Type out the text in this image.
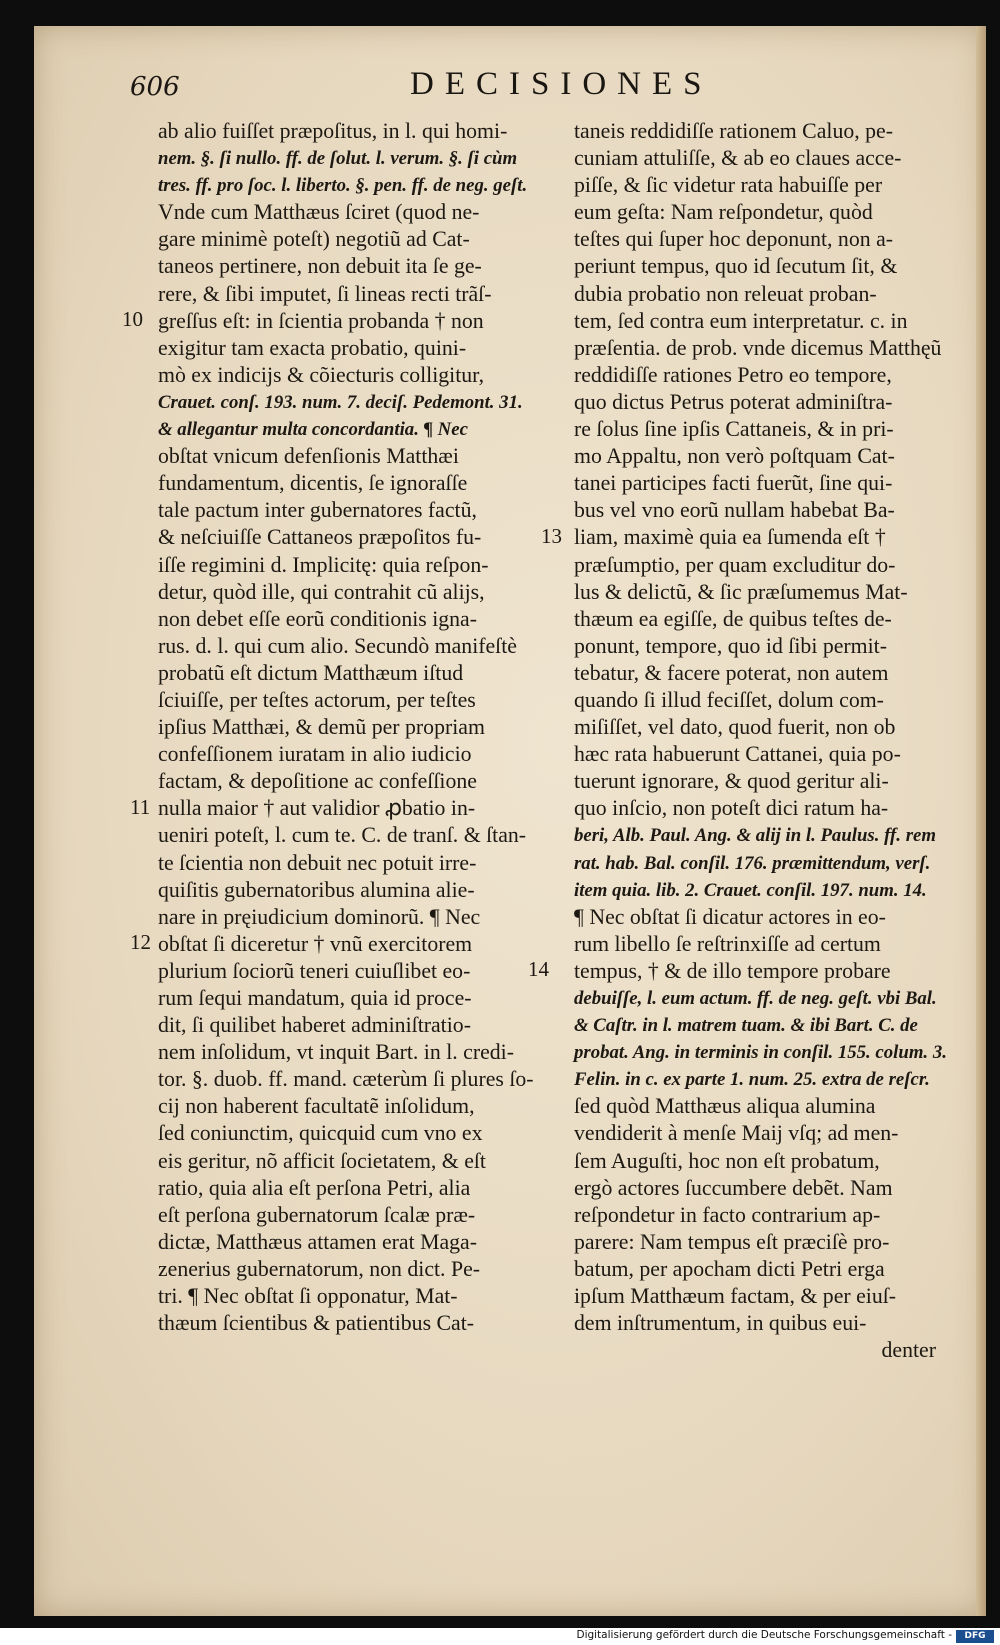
606	DECISIONES
ab alio fuiſſet præpoſitus, in l. qui homi-
nem. §. ſi nullo. ff. de ſolut. l. verum. §. ſi cùm
tres. ff. pro ſoc. l. liberto. §. pen. ff. de neg. geſt.
Vnde cum Matthæus ſciret (quod ne-
gare minimè poteſt) negotiũ ad Cat-
taneos pertinere, non debuit ita ſe ge-
rere, & ſibi imputet, ſi lineas recti trãſ-
greſſus eſt: in ſcientia probanda † non
exigitur tam exacta probatio, quini-
mò ex indicijs & cõiecturis colligitur,
Crauet. conſ. 193. num. 7. deciſ. Pedemont. 31.
& allegantur multa concordantia. ¶ Nec
obſtat vnicum defenſionis Matthæi
fundamentum, dicentis, ſe ignoraſſe
tale pactum inter gubernatores factũ,
& neſciuiſſe Cattaneos præpoſitos fu-
iſſe regimini d. Implicitę: quia reſpon-
detur, quòd ille, qui contrahit cũ alijs,
non debet eſſe eorũ conditionis igna-
rus. d. l. qui cum alio. Secundò manifeſtè
probatũ eſt dictum Matthæum iſtud
ſciuiſſe, per teſtes actorum, per teſtes
ipſius Matthæi, & demũ per propriam
confeſſionem iuratam in alio iudicio
factam, & depoſitione ac confeſſione
nulla maior † aut validior ꝓbatio in-
ueniri poteſt, l. cum te. C. de tranſ. & ſtan-
te ſcientia non debuit nec potuit irre-
quiſitis gubernatoribus alumina alie-
nare in pręiudicium dominorũ. ¶ Nec
obſtat ſi diceretur † vnũ exercitorem
plurium ſociorũ teneri cuiuſlibet eo-
rum ſequi mandatum, quia id proce-
dit, ſi quilibet haberet adminiſtratio-
nem inſolidum, vt inquit Bart. in l. credi-
tor. §. duob. ff. mand. cæterùm ſi plures ſo-
cij non haberent facultatẽ inſolidum,
ſed coniunctim, quicquid cum vno ex
eis geritur, nõ afficit ſocietatem, & eſt
ratio, quia alia eſt perſona Petri, alia
eſt perſona gubernatorum ſcalæ præ-
dictæ, Matthæus attamen erat Maga-
zenerius gubernatorum, non dict. Pe-
tri. ¶ Nec obſtat ſi opponatur, Mat-
thæum ſcientibus & patientibus Cat-
taneis reddidiſſe rationem Caluo, pe-
cuniam attuliſſe, & ab eo claues acce-
piſſe, & ſic videtur rata habuiſſe per
eum geſta: Nam reſpondetur, quòd
teſtes qui ſuper hoc deponunt, non a-
periunt tempus, quo id ſecutum ſit, &
dubia probatio non releuat proban-
tem, ſed contra eum interpretatur. c. in
præſentia. de prob. vnde dicemus Matthęũ
reddidiſſe rationes Petro eo tempore,
quo dictus Petrus poterat adminiſtra-
re ſolus ſine ipſis Cattaneis, & in pri-
mo Appaltu, non verò poſtquam Cat-
tanei participes facti fuerũt, ſine qui-
bus vel vno eorũ nullam habebat Ba-
liam, maximè quia ea ſumenda eſt †
præſumptio, per quam excluditur do-
lus & delictũ, & ſic præſumemus Mat-
thæum ea egiſſe, de quibus teſtes de-
ponunt, tempore, quo id ſibi permit-
tebatur, & facere poterat, non autem
quando ſi illud feciſſet, dolum com-
miſiſſet, vel dato, quod fuerit, non ob
hæc rata habuerunt Cattanei, quia po-
tuerunt ignorare, & quod geritur ali-
quo inſcio, non poteſt dici ratum ha-
beri, Alb. Paul. Ang. & alij in l. Paulus. ff. rem
rat. hab. Bal. conſil. 176. præmittendum, verſ.
item quia. lib. 2. Crauet. conſil. 197. num. 14.
¶ Nec obſtat ſi dicatur actores in eo-
rum libello ſe reſtrinxiſſe ad certum
tempus, † & de illo tempore probare
debuiſſe, l. eum actum. ff. de neg. geſt. vbi Bal.
& Caſtr. in l. matrem tuam. & ibi Bart. C. de
probat. Ang. in terminis in conſil. 155. colum. 3.
Felin. in c. ex parte 1. num. 25. extra de reſcr.
ſed quòd Matthæus aliqua alumina
vendiderit à menſe Maij vſq; ad men-
ſem Auguſti, hoc non eſt probatum,
ergò actores ſuccumbere debẽt. Nam
reſpondetur in facto contrarium ap-
parere: Nam tempus eſt præciſè pro-
batum, per apocham dicti Petri erga
ipſum Matthæum factam, & per eiuſ-
dem inſtrumentum, in quibus eui-
denter
10
11
12
13
14
Digitalisierung gefördert durch die Deutsche Forschungsgemeinschaft -	DFG
